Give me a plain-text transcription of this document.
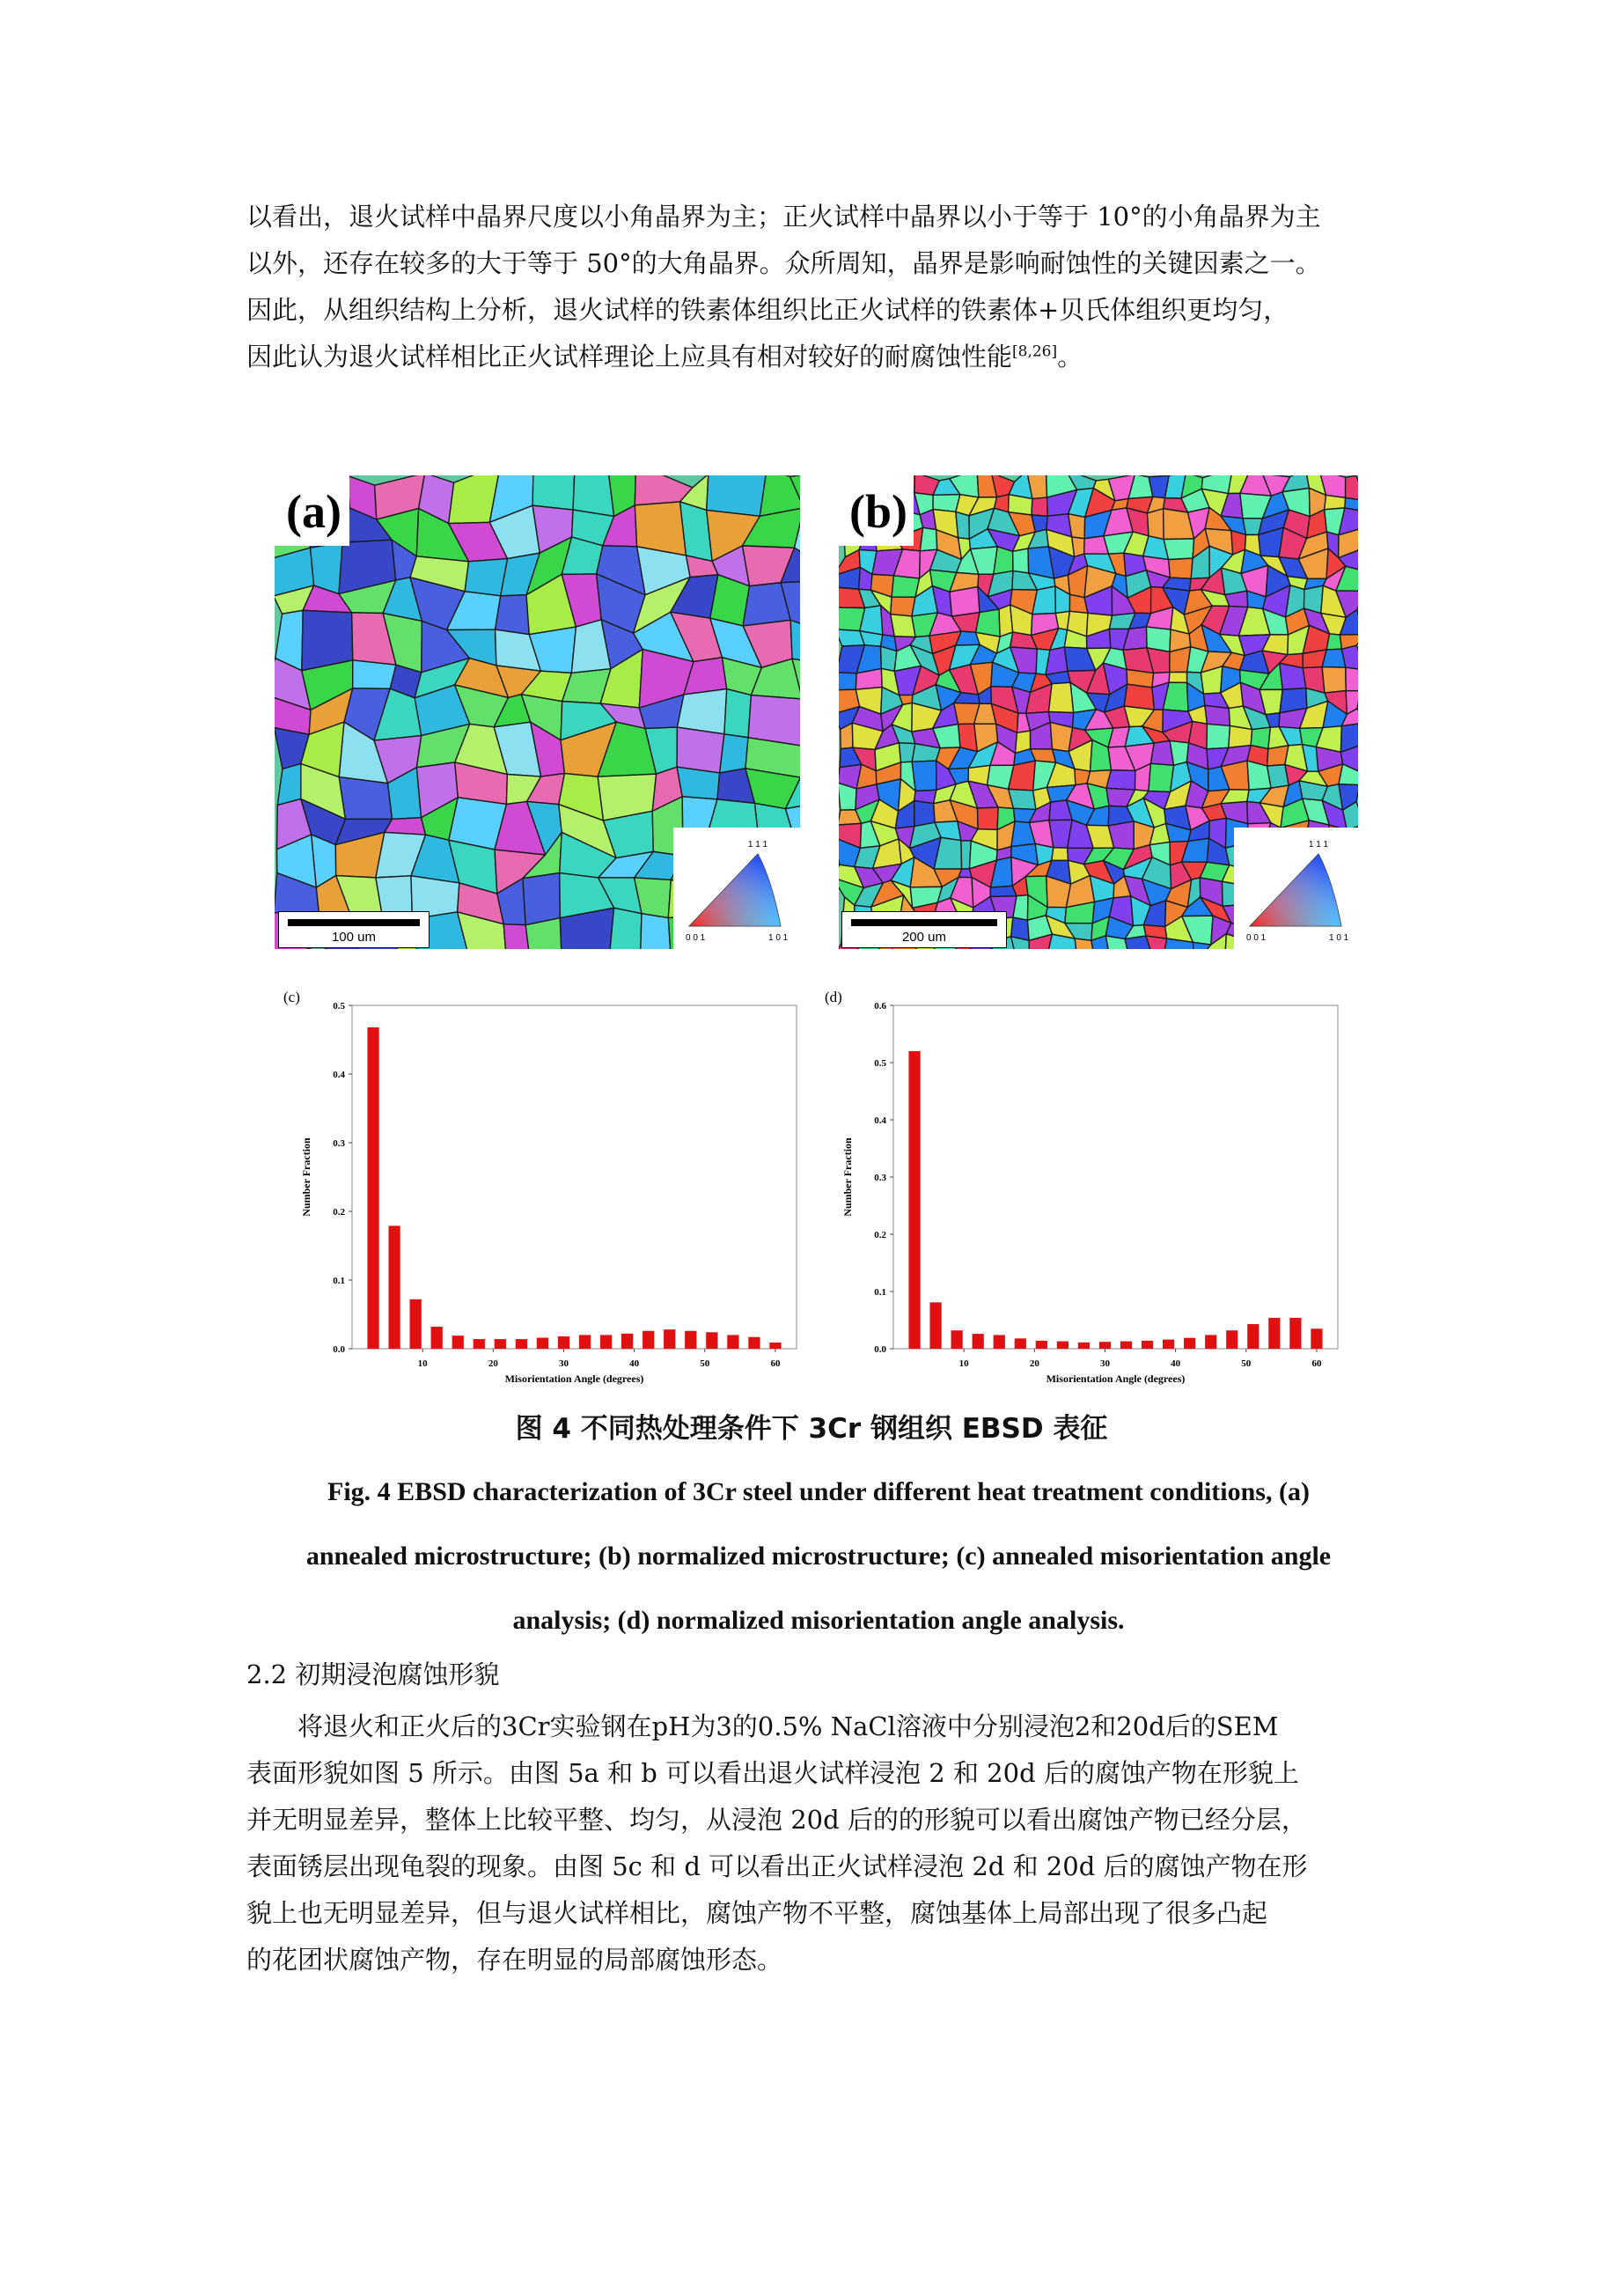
以看出，退火试样中晶界尺度以小角晶界为主；正火试样中晶界以小于等于 10°的小角晶界为主
以外，还存在较多的大于等于 50°的大角晶界。众所周知，晶界是影响耐蚀性的关键因素之一。
因此，从组织结构上分析，退火试样的铁素体组织比正火试样的铁素体+贝氏体组织更均匀，
因此认为退火试样相比正火试样理论上应具有相对较好的耐腐蚀性能[8,26]。
(a)
100 um
1 1 1
0 0 1	1 0 1
(b)
200 um
1 1 1
0 0 1	1 0 1
(c)
0.0
0.1
0.2
0.3
0.4
0.5
10	20	30	40	50	60
Misorientation Angle (degrees)
Number Fraction
(d)
0.0
0.1
0.2
0.3
0.4
0.5
0.6
10	20	30	40	50	60
Misorientation Angle (degrees)
Number Fraction
图 4 不同热处理条件下 3Cr 钢组织 EBSD 表征
Fig. 4 EBSD characterization of 3Cr steel under different heat treatment conditions, (a)
annealed microstructure; (b) normalized microstructure; (c) annealed misorientation angle
analysis; (d) normalized misorientation angle analysis.
2.2 初期浸泡腐蚀形貌
将退火和正火后的3Cr实验钢在pH为3的0.5% NaCl溶液中分别浸泡2和20d后的SEM
表面形貌如图 5 所示。由图 5a 和 b 可以看出退火试样浸泡 2 和 20d 后的腐蚀产物在形貌上
并无明显差异，整体上比较平整、均匀，从浸泡 20d 后的的形貌可以看出腐蚀产物已经分层，
表面锈层出现龟裂的现象。由图 5c 和 d 可以看出正火试样浸泡 2d 和 20d 后的腐蚀产物在形
貌上也无明显差异，但与退火试样相比，腐蚀产物不平整，腐蚀基体上局部出现了很多凸起
的花团状腐蚀产物，存在明显的局部腐蚀形态。
